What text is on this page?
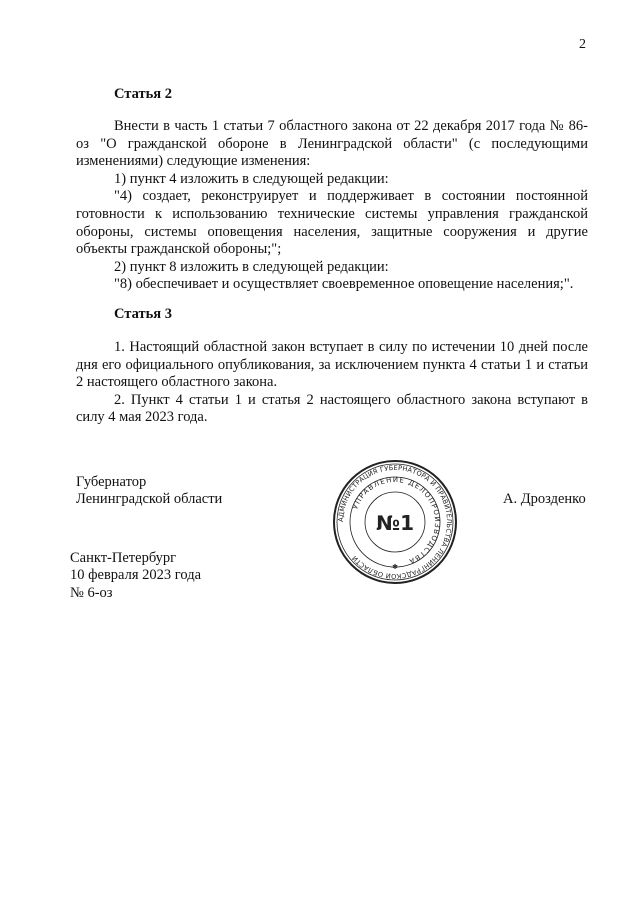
2
Статья 2

Внести в часть 1 статьи 7 областного закона от 22 декабря 2017 года № 86-оз "О гражданской обороне в Ленинградской области" (с последующими изменениями) следующие изменения:

1) пункт 4 изложить в следующей редакции:

"4) создает, реконструирует и поддерживает в состоянии постоянной готовности к использованию технические системы управления гражданской обороны, системы оповещения населения, защитные сооружения и другие объекты гражданской обороны;";

2) пункт 8 изложить в следующей редакции:

"8) обеспечивает и осуществляет своевременное оповещение населения;".

Статья 3

1. Настоящий областной закон вступает в силу по истечении 10 дней после дня его официального опубликования, за исключением пункта 4 статьи 1 и статьи 2 настоящего областного закона.

2. Пункт 4 статьи 1 и статья 2 настоящего областного закона вступают в силу 4 мая 2023 года.

Губернатор
Ленинградской области	А. Дрозденко
АДМИНИСТРАЦИЯ ГУБЕРНАТОРА И ПРАВИТЕЛЬСТВА ЛЕНИНГРАДСКОЙ ОБЛАСТИ
УПРАВЛЕНИЕ ДЕЛОПРОИЗВОДСТВА
№1
✱
Санкт-Петербург
10 февраля 2023 года
№ 6-оз
